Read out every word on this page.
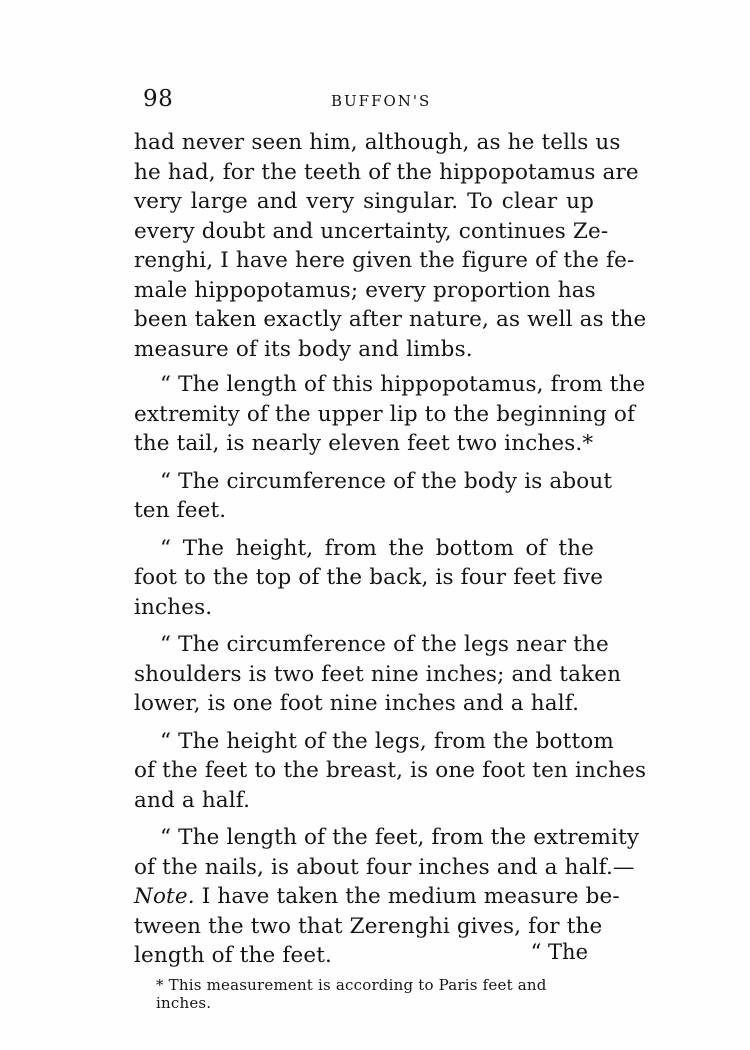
98	BUFFON'S

had never seen him, although, as he tells us
he had, for the teeth of the hippopotamus are
very large and very singular. To clear up
every doubt and uncertainty, continues Ze-
renghi, I have here given the figure of the fe-
male hippopotamus; every proportion has
been taken exactly after nature, as well as the
measure of its body and limbs.

“ The length of this hippopotamus, from the
extremity of the upper lip to the beginning of
the tail, is nearly eleven feet two inches.*

“ The circumference of the body is about
ten feet.

“ The height, from the bottom of the
foot to the top of the back, is four feet five
inches.

“ The circumference of the legs near the
shoulders is two feet nine inches; and taken
lower, is one foot nine inches and a half.

“ The height of the legs, from the bottom
of the feet to the breast, is one foot ten inches
and a half.

“ The length of the feet, from the extremity
of the nails, is about four inches and a half.—
Note. I have taken the medium measure be-
tween the two that Zerenghi gives, for the
length of the feet.	“ The
* This measurement is according to Paris feet and inches.
